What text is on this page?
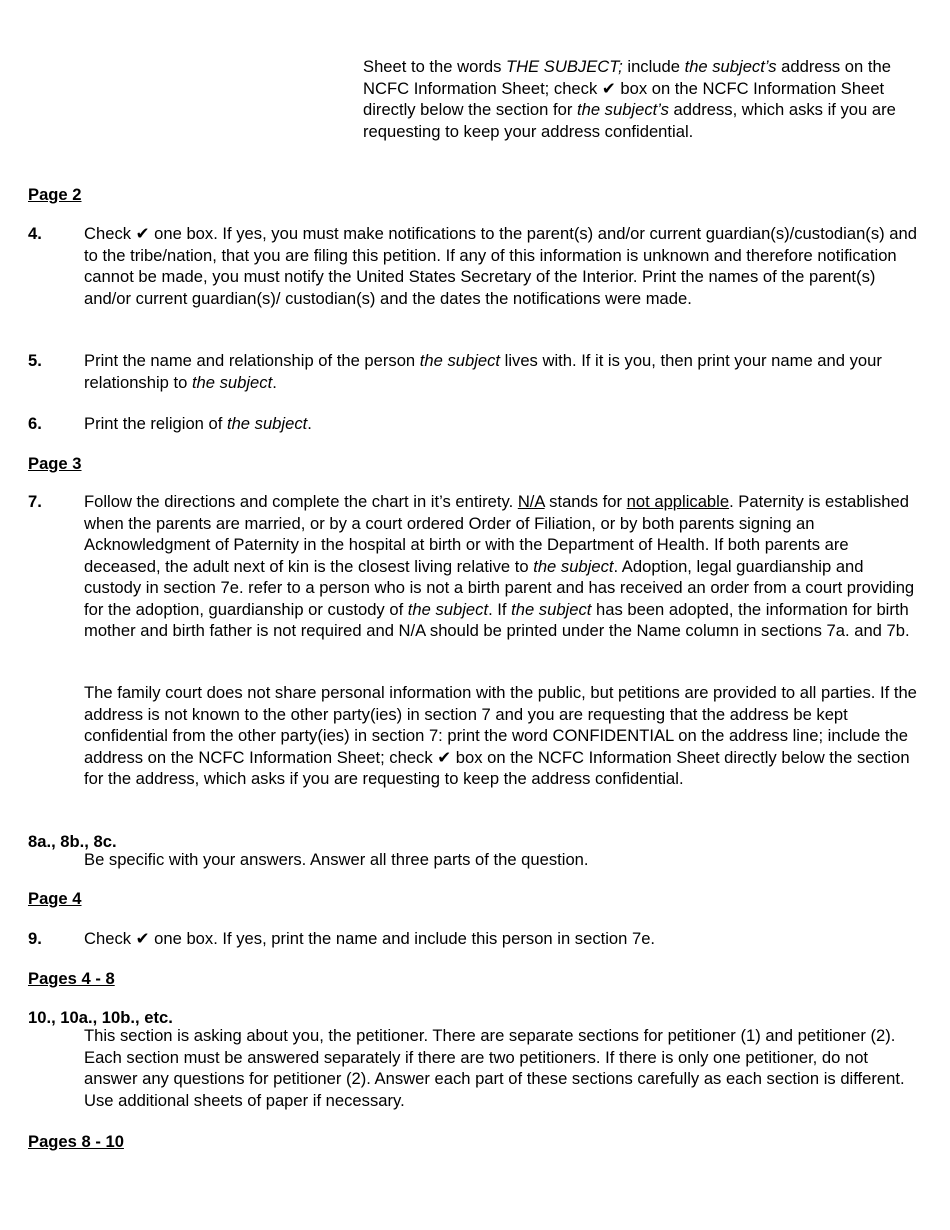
Sheet to the words THE SUBJECT; include the subject’s address on the NCFC Information Sheet; check ✔ box on the NCFC Information Sheet directly below the section for the subject’s address, which asks if you are requesting to keep your address confidential.
Page 2
4.	Check ✔ one box. If yes, you must make notifications to the parent(s) and/or current guardian(s)/custodian(s) and to the tribe/nation, that you are filing this petition. If any of this information is unknown and therefore notification cannot be made, you must notify the United States Secretary of the Interior. Print the names of the parent(s) and/or current guardian(s)/ custodian(s) and the dates the notifications were made.
5.	Print the name and relationship of the person the subject lives with. If it is you, then print your name and your relationship to the subject.
6.	Print the religion of the subject.
Page 3
7.	Follow the directions and complete the chart in it’s entirety. N/A stands for not applicable. Paternity is established when the parents are married, or by a court ordered Order of Filiation, or by both parents signing an Acknowledgment of Paternity in the hospital at birth or with the Department of Health. If both parents are deceased, the adult next of kin is the closest living relative to the subject. Adoption, legal guardianship and custody in section 7e. refer to a person who is not a birth parent and has received an order from a court providing for the adoption, guardianship or custody of the subject. If the subject has been adopted, the information for birth mother and birth father is not required and N/A should be printed under the Name column in sections 7a. and 7b.
The family court does not share personal information with the public, but petitions are provided to all parties. If the address is not known to the other party(ies) in section 7 and you are requesting that the address be kept confidential from the other party(ies) in section 7: print the word CONFIDENTIAL on the address line; include the address on the NCFC Information Sheet; check ✔ box on the NCFC Information Sheet directly below the section for the address, which asks if you are requesting to keep the address confidential.
8a., 8b., 8c.
Be specific with your answers. Answer all three parts of the question.
Page 4
9.	Check ✔ one box. If yes, print the name and include this person in section 7e.
Pages 4 - 8
10., 10a., 10b., etc.
This section is asking about you, the petitioner. There are separate sections for petitioner (1) and petitioner (2). Each section must be answered separately if there are two petitioners. If there is only one petitioner, do not answer any questions for petitioner (2). Answer each part of these sections carefully as each section is different. Use additional sheets of paper if necessary.
Pages 8 - 10
